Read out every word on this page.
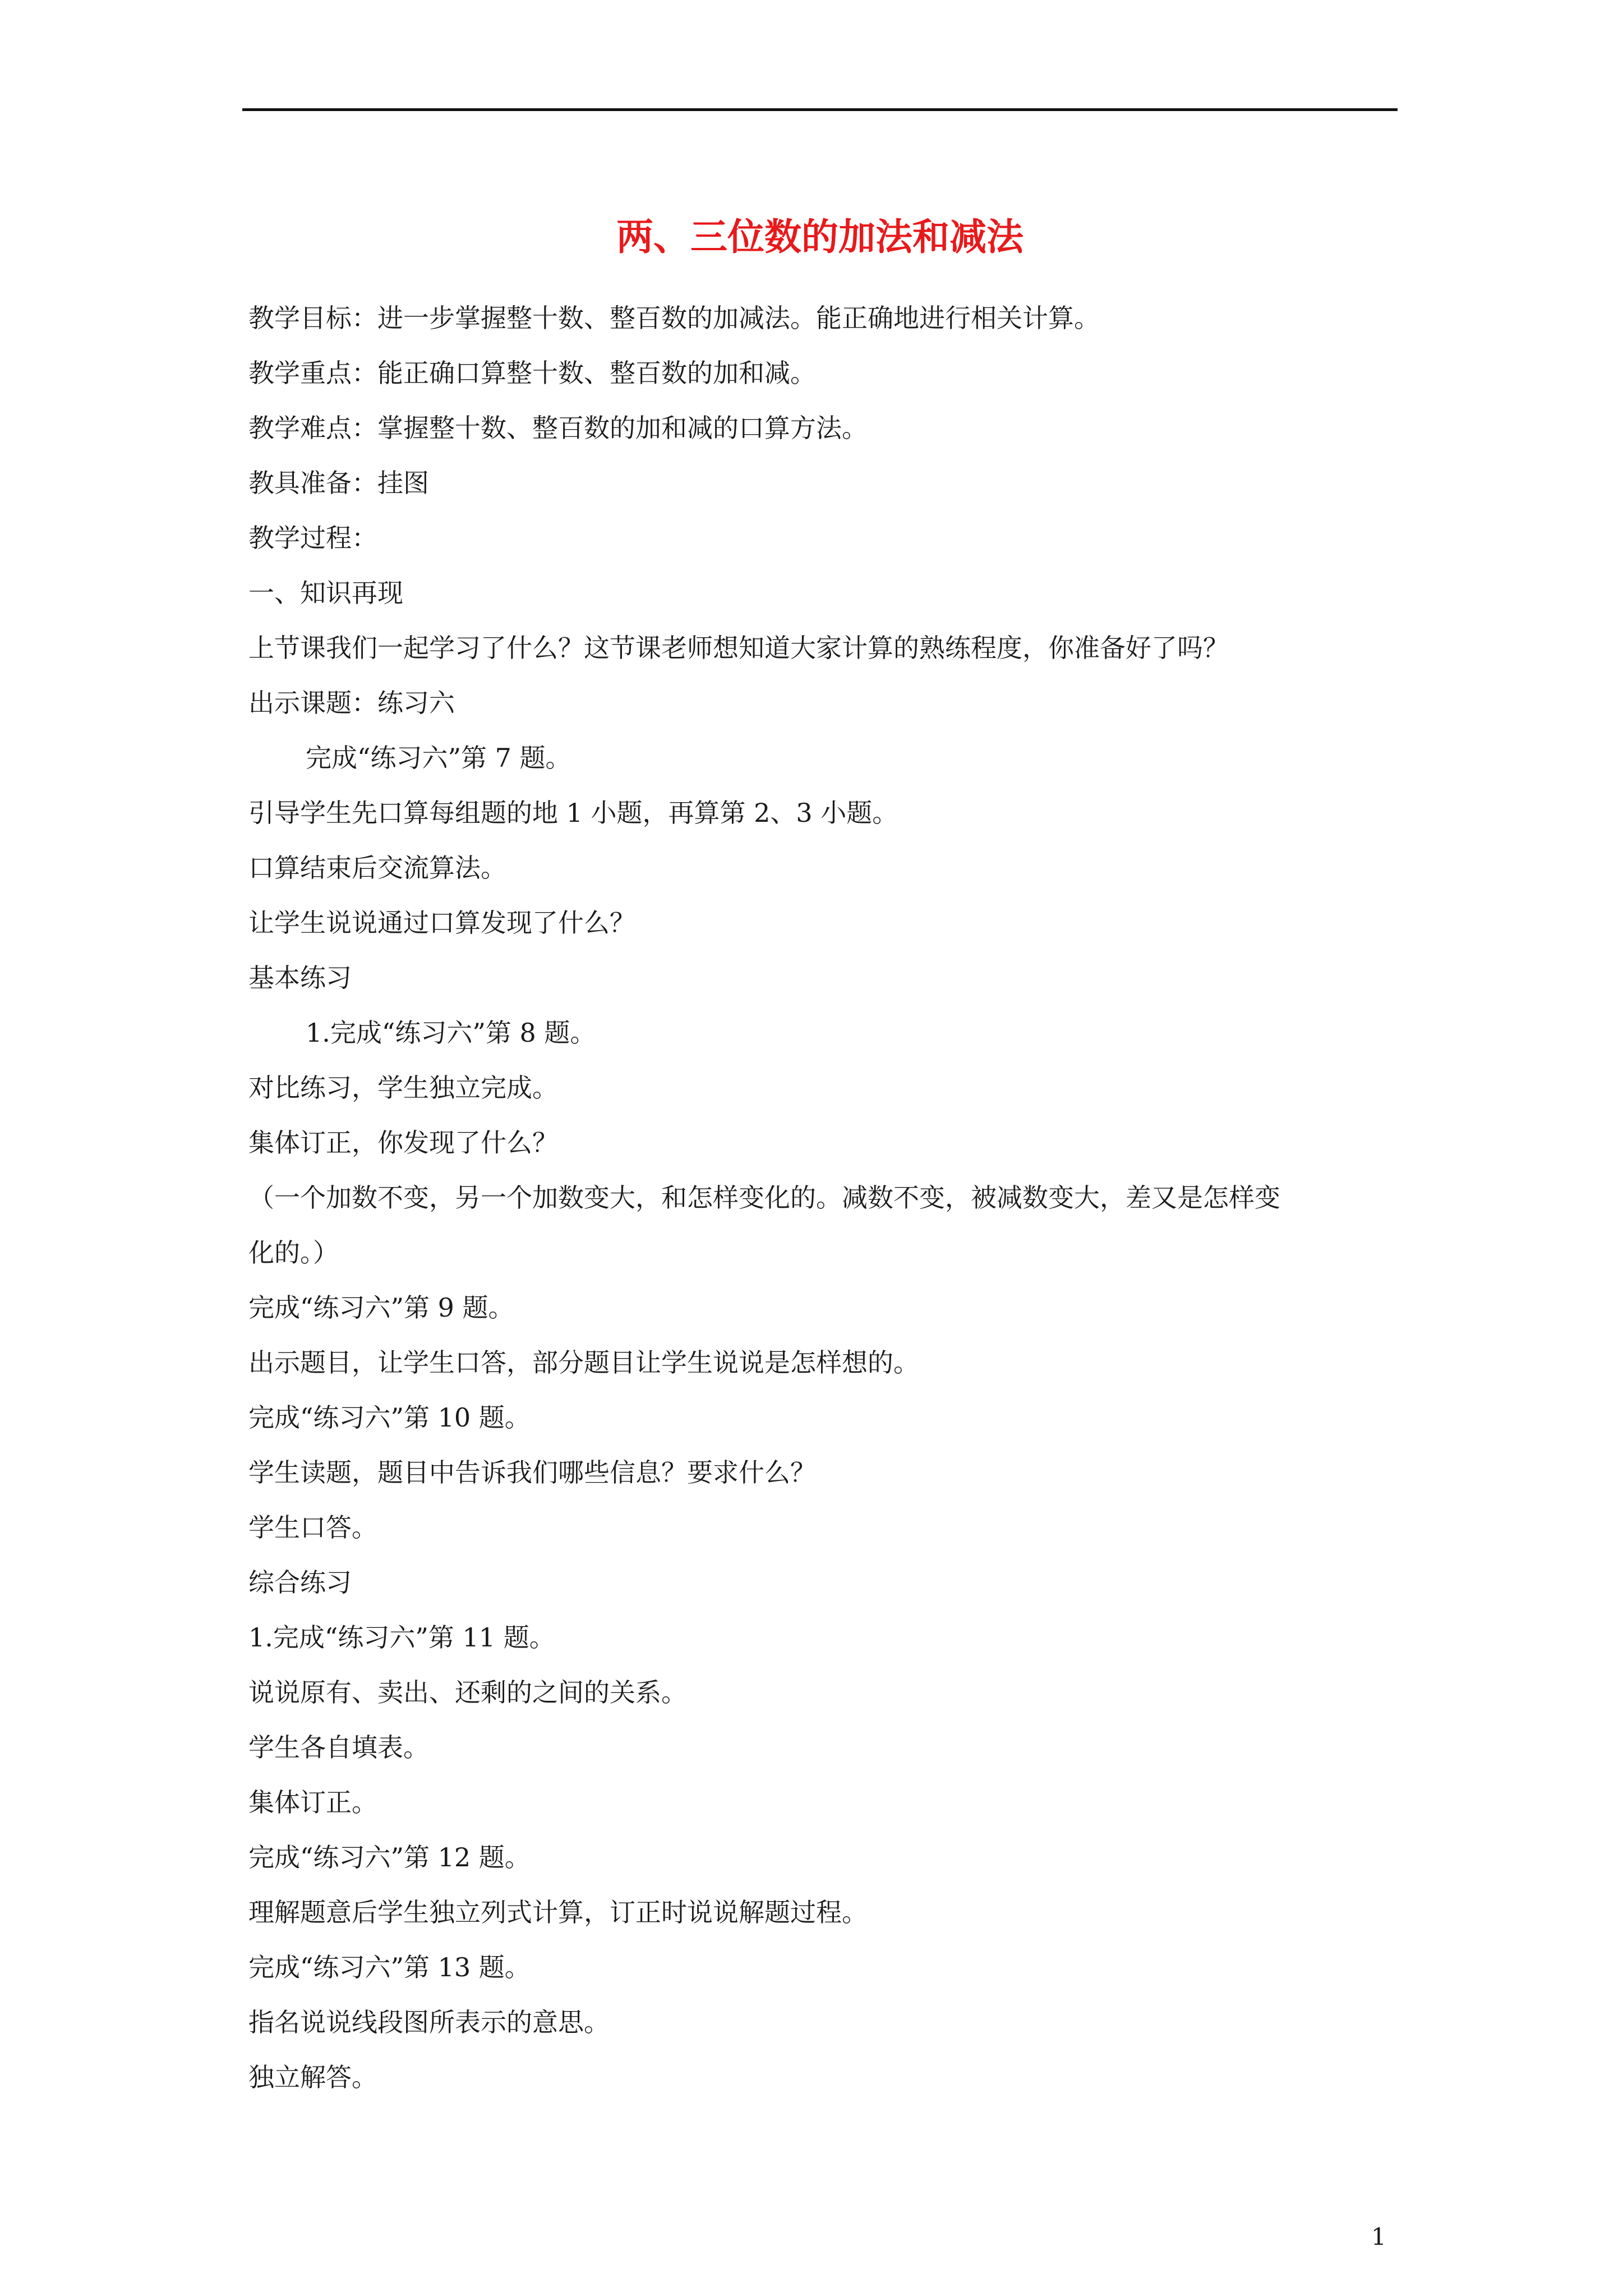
两、三位数的加法和减法
教学目标：进一步掌握整十数、整百数的加减法。能正确地进行相关计算。
教学重点：能正确口算整十数、整百数的加和减。
教学难点：掌握整十数、整百数的加和减的口算方法。
教具准备：挂图
教学过程：
一、知识再现
上节课我们一起学习了什么？这节课老师想知道大家计算的熟练程度，你准备好了吗？
出示课题：练习六
完成“练习六”第 7 题。
引导学生先口算每组题的地 1 小题，再算第 2、3 小题。
口算结束后交流算法。
让学生说说通过口算发现了什么？
基本练习
1.完成“练习六”第 8 题。
对比练习，学生独立完成。
集体订正，你发现了什么？
（一个加数不变，另一个加数变大，和怎样变化的。减数不变，被减数变大，差又是怎样变
化的。）
完成“练习六”第 9 题。
出示题目，让学生口答，部分题目让学生说说是怎样想的。
完成“练习六”第 10 题。
学生读题，题目中告诉我们哪些信息？要求什么？
学生口答。
综合练习
1.完成“练习六”第 11 题。
说说原有、卖出、还剩的之间的关系。
学生各自填表。
集体订正。
完成“练习六”第 12 题。
理解题意后学生独立列式计算，订正时说说解题过程。
完成“练习六”第 13 题。
指名说说线段图所表示的意思。
独立解答。
1
